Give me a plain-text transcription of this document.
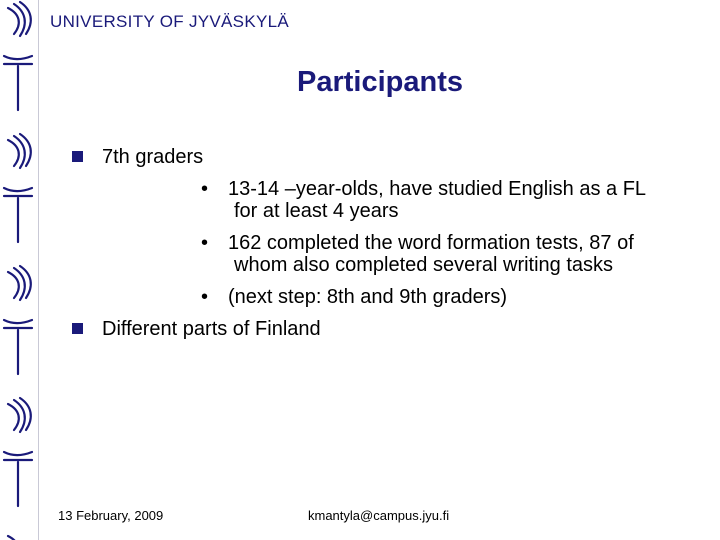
UNIVERSITY OF JYVÄSKYLÄ
Participants
7th graders
• 13-14 –year-olds, have studied English as a FL
for at least 4 years
• 162 completed the word formation tests, 87 of
whom also completed several writing tasks
• (next step: 8th and 9th graders)
Different parts of Finland
13 February, 2009	kmantyla@campus.jyu.fi
